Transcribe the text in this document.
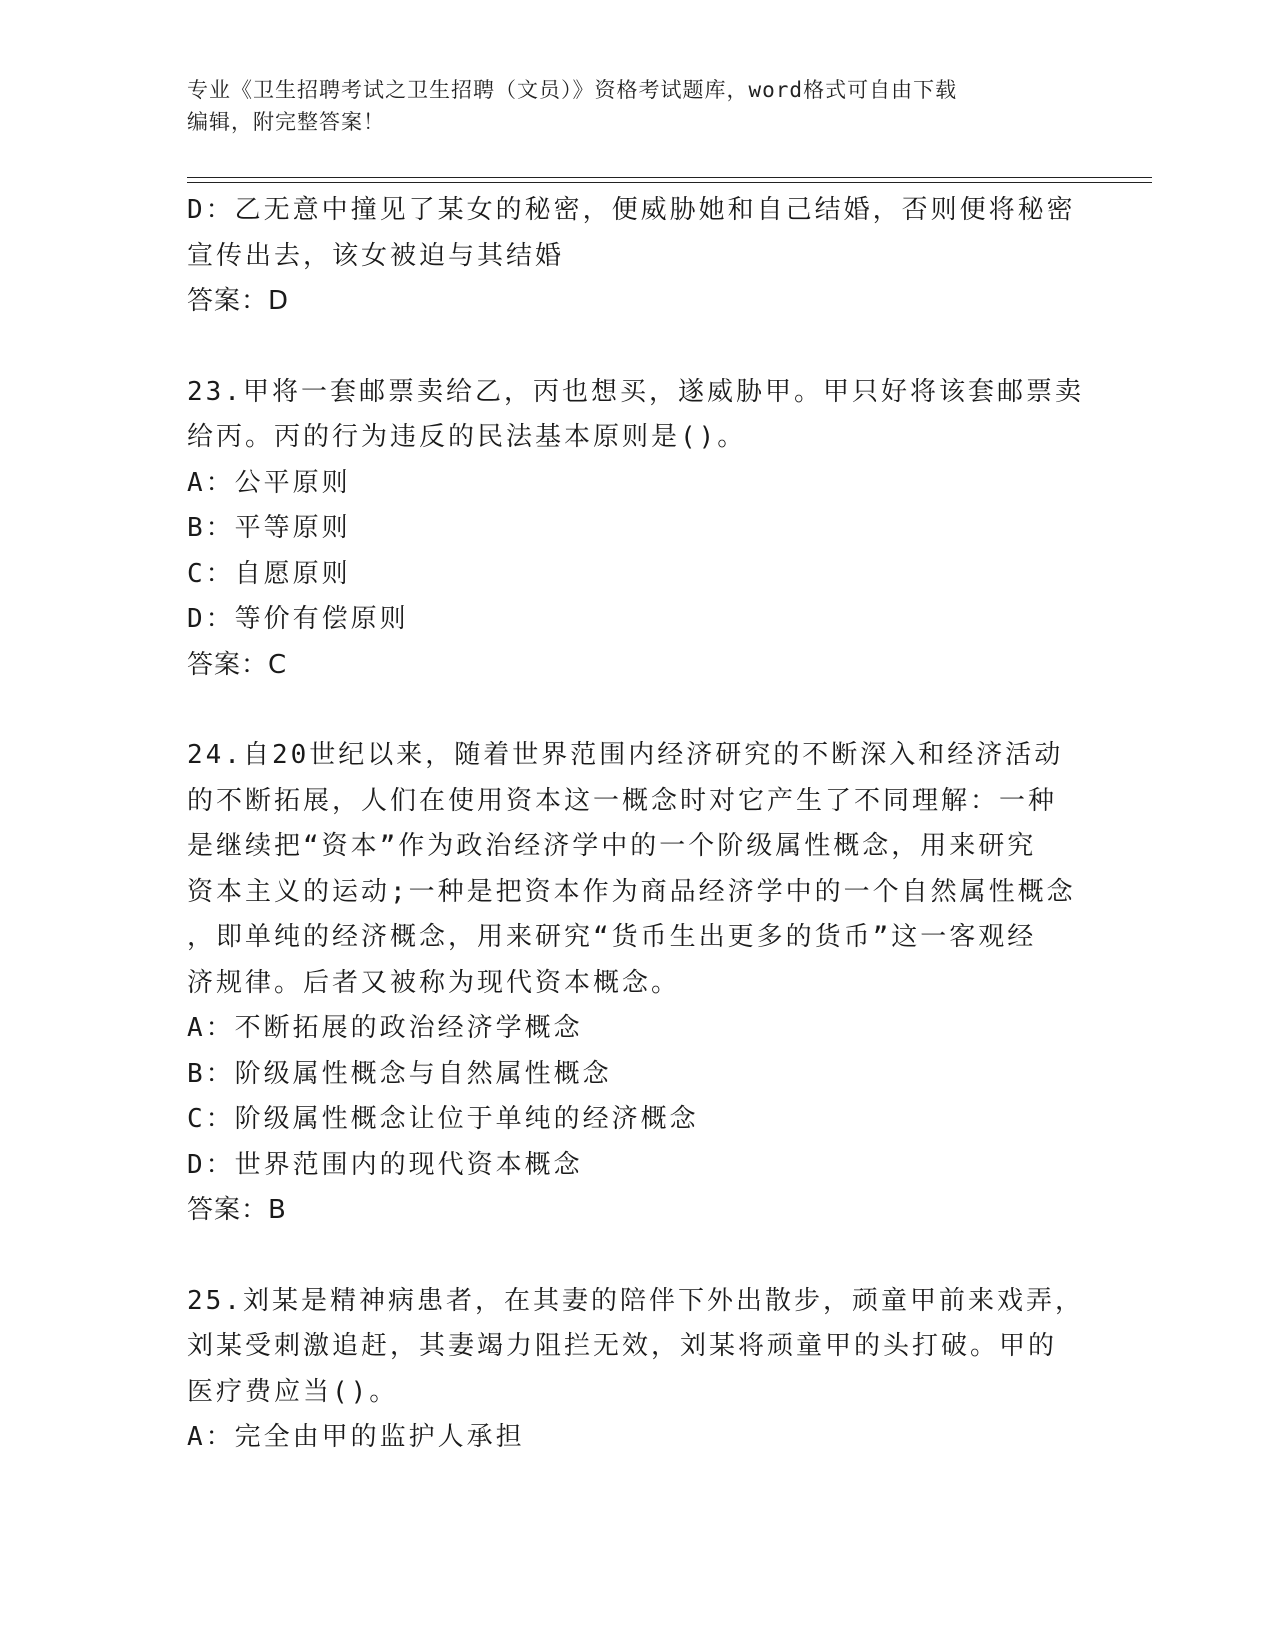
专业《卫生招聘考试之卫生招聘（文员）》资格考试题库，word格式可自由下载
编辑，附完整答案！
D：乙无意中撞见了某女的秘密，便威胁她和自己结婚，否则便将秘密
宣传出去，该女被迫与其结婚
答案：D
23.甲将一套邮票卖给乙，丙也想买，遂威胁甲。甲只好将该套邮票卖
给丙。丙的行为违反的民法基本原则是()。
A：公平原则
B：平等原则
C：自愿原则
D：等价有偿原则
答案：C
24.自20世纪以来，随着世界范围内经济研究的不断深入和经济活动
的不断拓展，人们在使用资本这一概念时对它产生了不同理解：一种
是继续把“资本”作为政治经济学中的一个阶级属性概念，用来研究
资本主义的运动;一种是把资本作为商品经济学中的一个自然属性概念
，即单纯的经济概念，用来研究“货币生出更多的货币”这一客观经
济规律。后者又被称为现代资本概念。
A：不断拓展的政治经济学概念
B：阶级属性概念与自然属性概念
C：阶级属性概念让位于单纯的经济概念
D：世界范围内的现代资本概念
答案：B
25.刘某是精神病患者，在其妻的陪伴下外出散步，顽童甲前来戏弄，
刘某受刺激追赶，其妻竭力阻拦无效，刘某将顽童甲的头打破。甲的
医疗费应当()。
A：完全由甲的监护人承担
